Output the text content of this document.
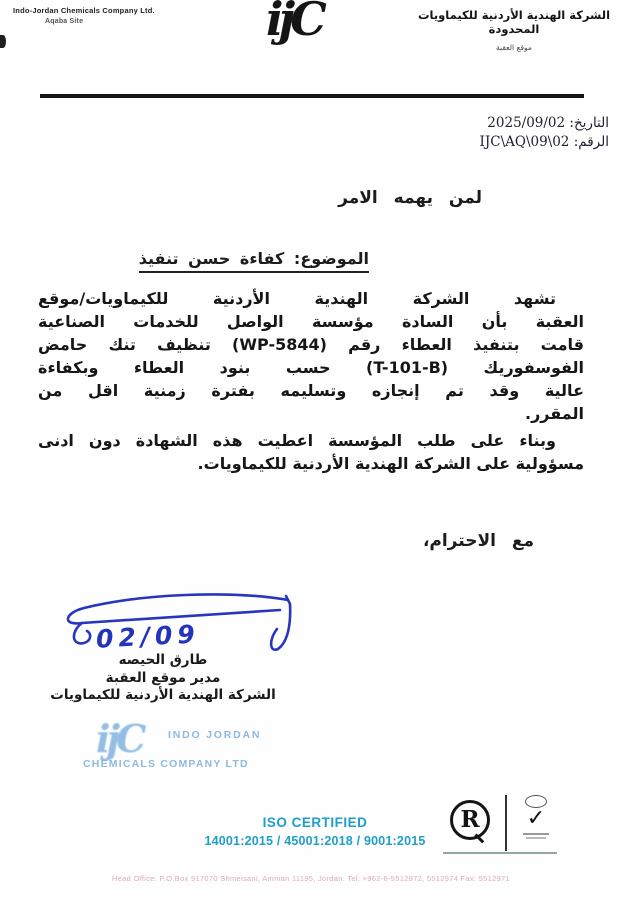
Indo-Jordan Chemicals Company Ltd.
Aqaba Site	ijC	الشركة الهندية الأردنية للكيماويات المحدودة
موقع العقبة
التاريخ: 2025/09/02
الرقم: IJC\AQ\09\02
لمن يهمه الامر
الموضوع: كفاءة حسن تنفيذ
تشهد الشركة الهندية الأردنية للكيماويات/موقع
العقبة بأن السادة مؤسسة الواصل للخدمات الصناعية
قامت بتنفيذ العطاء رقم (WP-5844) تنظيف تنك حامض
الفوسفوريك (T-101-B) حسب بنود العطاء وبكفاءة
عالية وقد تم إنجازه وتسليمه بفترة زمنية اقل من
المقرر.
وبناء على طلب المؤسسة اعطيت هذه الشهادة دون ادنى
مسؤولية على الشركة الهندية الأردنية للكيماويات.
مع الاحترام،
02/09
طارق الحيصه
مدير موقع العقبة
الشركة الهندية الأردنية للكيماويات
ijC INDO JORDAN
CHEMICALS COMPANY LTD
ISO CERTIFIED
14001:2015 / 45001:2018 / 9001:2015
R	✓
Head Office: P.O.Box 917070 Shmeisani, Amman 11195, Jordan. Tel: +962-6-5512972, 5512974 Fax: 5512971
